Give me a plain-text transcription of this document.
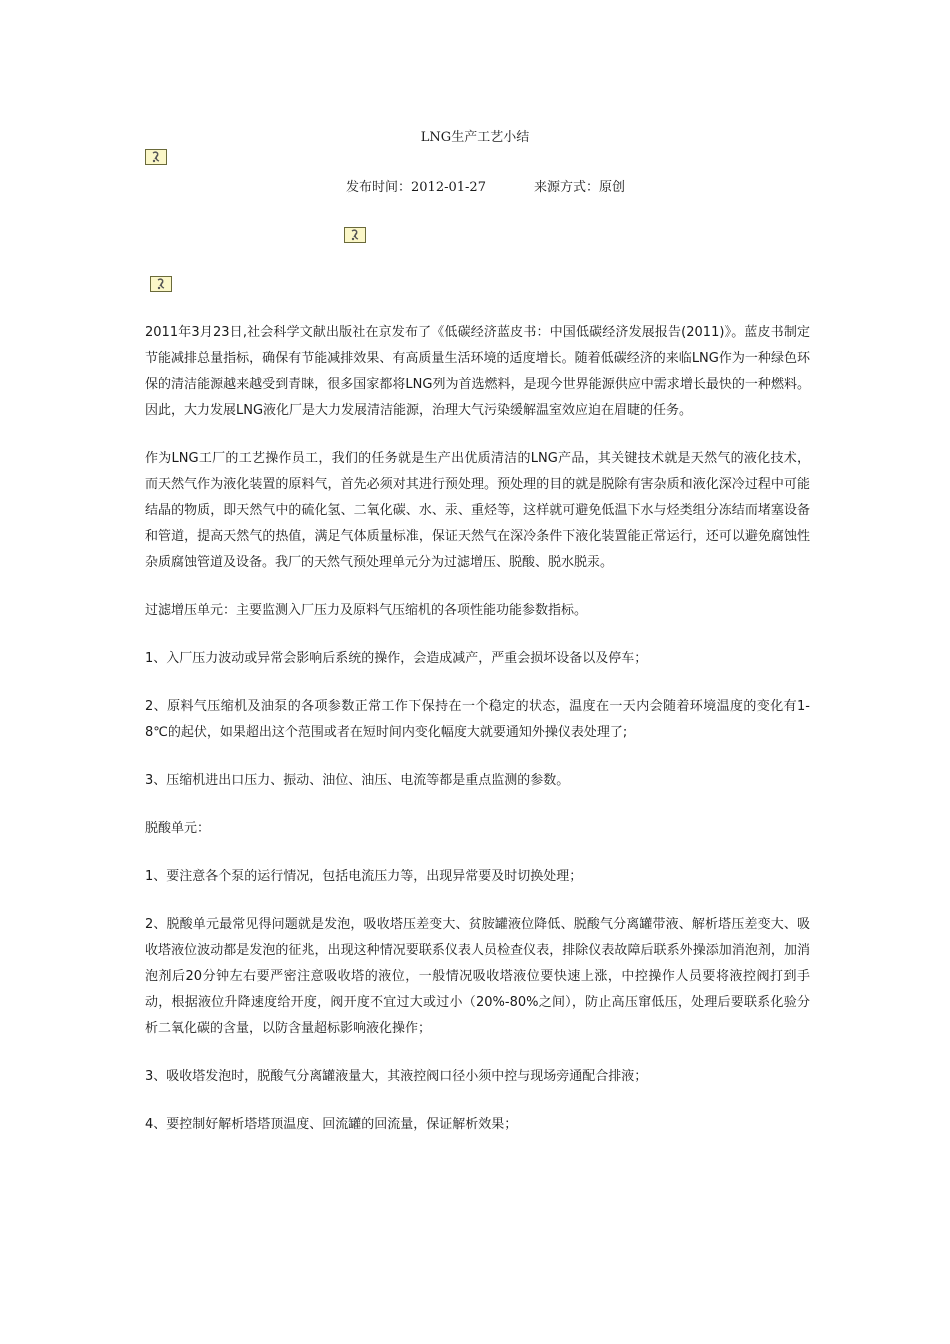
LNG生产工艺小结
发布时间：2012-01-27	来源方式：原创

2011年3月23日,社会科学文献出版社在京发布了《低碳经济蓝皮书：中国低碳经济发展报告(2011)》。蓝皮书制定节能减排总量指标，确保有节能减排效果、有高质量生活环境的适度增长。随着低碳经济的来临LNG作为一种绿色环保的清洁能源越来越受到青睐，很多国家都将LNG列为首选燃料，是现今世界能源供应中需求增长最快的一种燃料。因此，大力发展LNG液化厂是大力发展清洁能源，治理大气污染缓解温室效应迫在眉睫的任务。

作为LNG工厂的工艺操作员工，我们的任务就是生产出优质清洁的LNG产品，其关键技术就是天然气的液化技术，而天然气作为液化装置的原料气，首先必须对其进行预处理。预处理的目的就是脱除有害杂质和液化深冷过程中可能结晶的物质，即天然气中的硫化氢、二氧化碳、水、汞、重烃等，这样就可避免低温下水与烃类组分冻结而堵塞设备和管道，提高天然气的热值，满足气体质量标准，保证天然气在深冷条件下液化装置能正常运行，还可以避免腐蚀性杂质腐蚀管道及设备。我厂的天然气预处理单元分为过滤增压、脱酸、脱水脱汞。

过滤增压单元：主要监测入厂压力及原料气压缩机的各项性能功能参数指标。

1、入厂压力波动或异常会影响后系统的操作，会造成减产，严重会损坏设备以及停车；

2、原料气压缩机及油泵的各项参数正常工作下保持在一个稳定的状态，温度在一天内会随着环境温度的变化有1-8℃的起伏，如果超出这个范围或者在短时间内变化幅度大就要通知外操仪表处理了;

3、压缩机进出口压力、振动、油位、油压、电流等都是重点监测的参数。

脱酸单元：

1、要注意各个泵的运行情况，包括电流压力等，出现异常要及时切换处理；

2、脱酸单元最常见得问题就是发泡，吸收塔压差变大、贫胺罐液位降低、脱酸气分离罐带液、解析塔压差变大、吸收塔液位波动都是发泡的征兆，出现这种情况要联系仪表人员检查仪表，排除仪表故障后联系外操添加消泡剂，加消泡剂后20分钟左右要严密注意吸收塔的液位，一般情况吸收塔液位要快速上涨，中控操作人员要将液控阀打到手动，根据液位升降速度给开度，阀开度不宜过大或过小（20%-80%之间），防止高压窜低压，处理后要联系化验分析二氧化碳的含量，以防含量超标影响液化操作；

3、吸收塔发泡时，脱酸气分离罐液量大，其液控阀口径小须中控与现场旁通配合排液；

4、要控制好解析塔塔顶温度、回流罐的回流量，保证解析效果；
